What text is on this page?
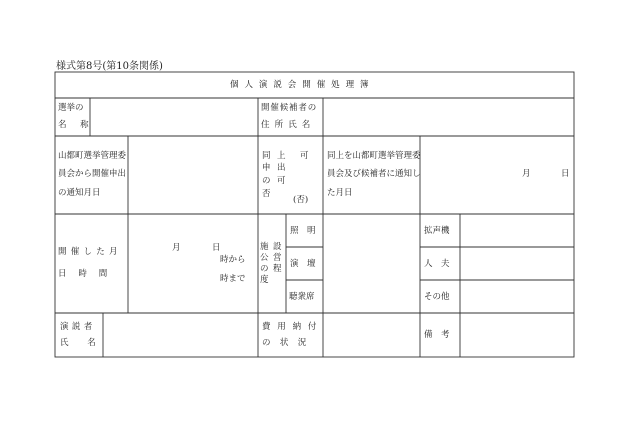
様式第8号(第10条関係)
個人演説会開催処理簿
選挙の
名　称
開催候補者の
住所氏名
山都町選挙管理委
員会から開催申出
の通知月日
同 上 可
申 出
の 可
否
(否)
同上を山都町選挙管理委
員会及び候補者に通知し
た月日
月	日
開催した月
日　時　間
月	日
時から
時まで
施 設
公 営
の 程
度
照　明
演　壇
聴衆席
拡声機
人　夫
その他
演説者
氏　名
費用納付
の状況
備　考
